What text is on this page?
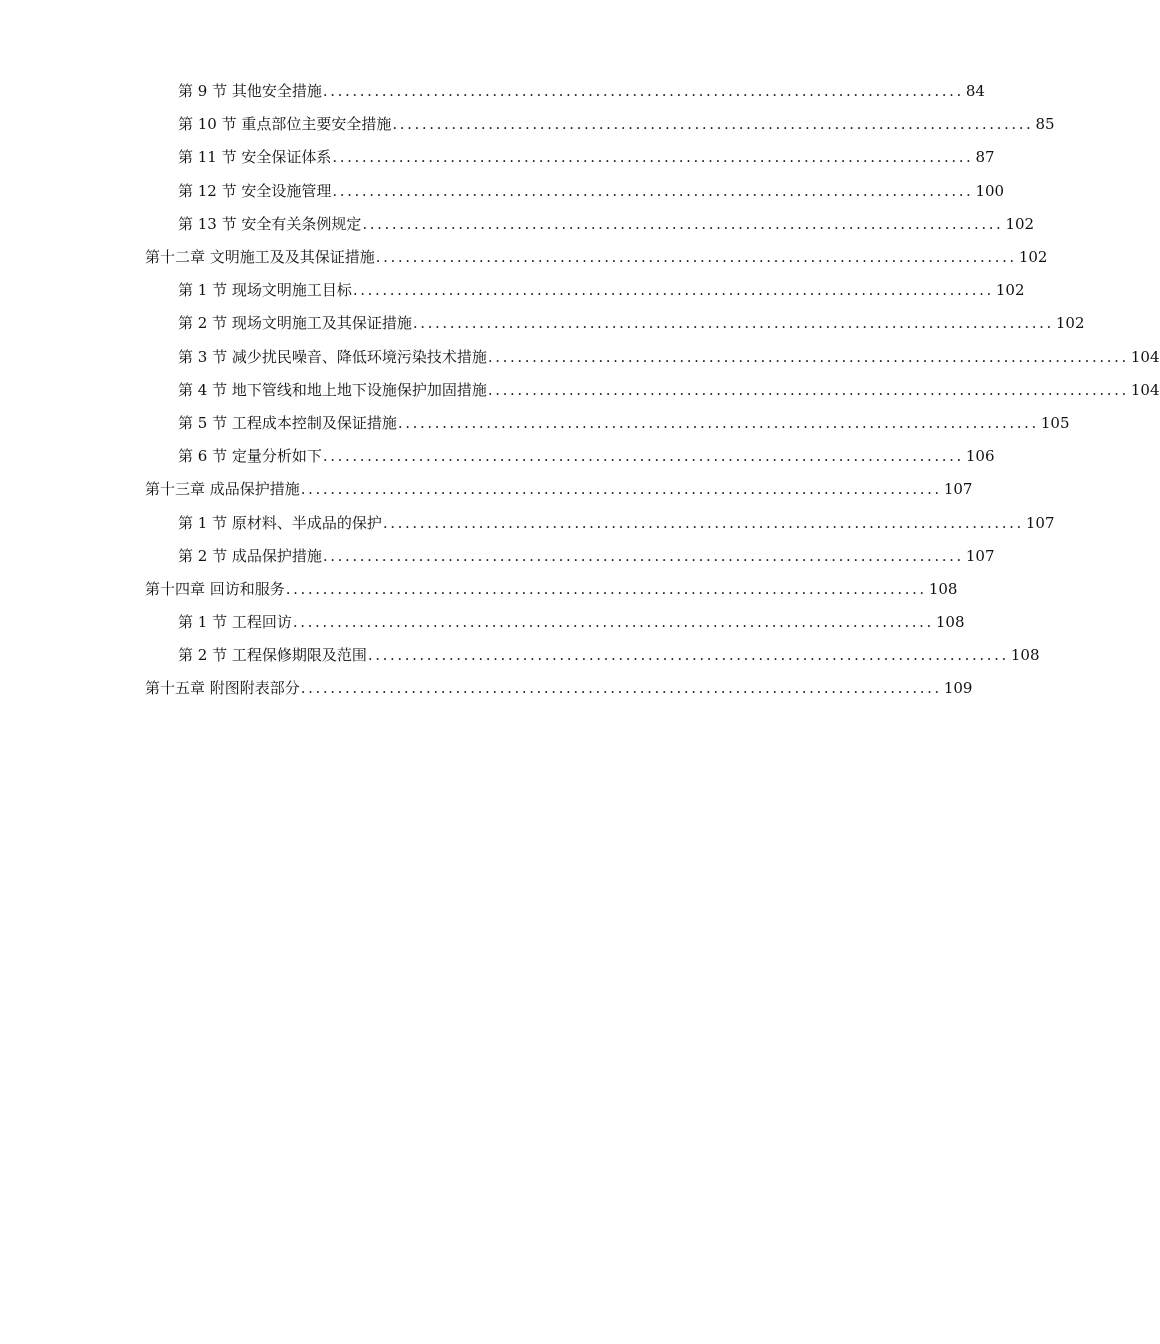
第 9 节 其他安全措施 ....................................................................................... 84
第 10 节 重点部位主要安全措施 ....................................................................................... 85
第 11 节 安全保证体系 ....................................................................................... 87
第 12 节 安全设施管理 ....................................................................................... 100
第 13 节 安全有关条例规定 ....................................................................................... 102
第十二章 文明施工及及其保证措施 ....................................................................................... 102
第 1 节 现场文明施工目标 ....................................................................................... 102
第 2 节 现场文明施工及其保证措施 ....................................................................................... 102
第 3 节 减少扰民噪音、降低环境污染技术措施 ....................................................................................... 104
第 4 节 地下管线和地上地下设施保护加固措施 ....................................................................................... 104
第 5 节 工程成本控制及保证措施 ....................................................................................... 105
第 6 节 定量分析如下 ....................................................................................... 106
第十三章 成品保护措施 ....................................................................................... 107
第 1 节 原材料、半成品的保护 ....................................................................................... 107
第 2 节 成品保护措施 ....................................................................................... 107
第十四章 回访和服务 ....................................................................................... 108
第 1 节 工程回访 ....................................................................................... 108
第 2 节 工程保修期限及范围 ....................................................................................... 108
第十五章 附图附表部分 ....................................................................................... 109
